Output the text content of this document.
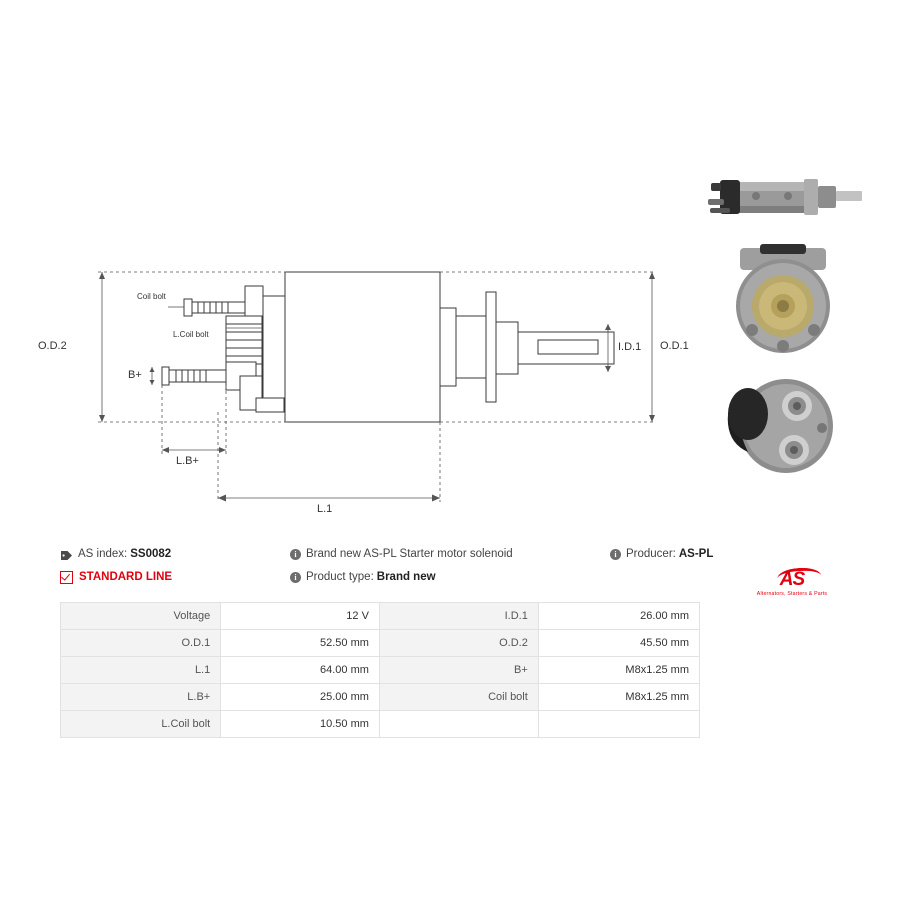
O.D.2	O.D.1
I.D.1
B+
L.B+
L.1
Coil bolt
L.Coil bolt
AS index: SS0082	i Brand new AS-PL Starter motor solenoid	i Producer: AS-PL
STANDARD LINE	i Product type: Brand new	AS
Alternators, Starters & Parts
Voltage	12 V	I.D.1	26.00 mm
O.D.1	52.50 mm	O.D.2	45.50 mm
L.1	64.00 mm	B+	M8x1.25 mm
L.B+	25.00 mm	Coil bolt	M8x1.25 mm
L.Coil bolt	10.50 mm		
